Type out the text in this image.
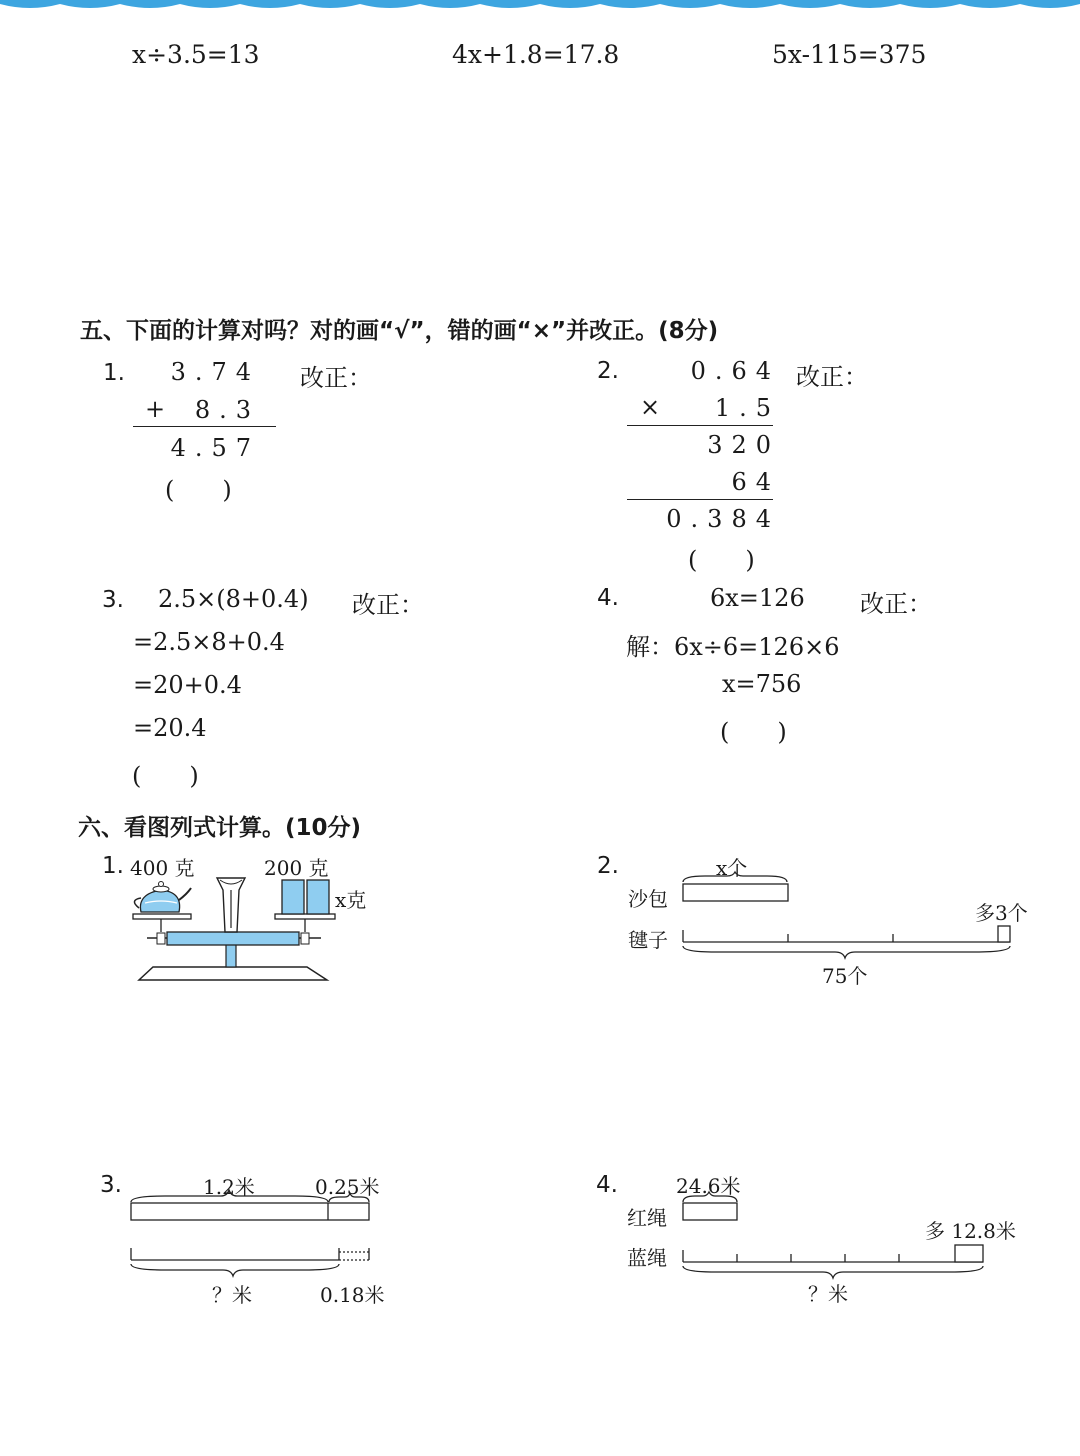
x÷3.5=13	4x+1.8=17.8	5x-115=375
五、下面的计算对吗？对的画“√”，错的画“×”并改正。(8分)
1.	3.74
+	8.3
4.57
(　　)
改正：	2.	0.64
×	1.5
320
64
0.384
(　　)
改正：
3. 2.5×(8+0.4) 改正：
=2.5×8+0.4
=20+0.4
=20.4
(　　)
4.	6x=126 改正：
解：6x÷6=126×6
x=756
(　　)
六、看图列式计算。(10分)
1. 400 克	200 克
x克
2.	x个
沙包
毽子
多3个
75个
3.	1.2米	0.25米
？米	0.18米
4.	24.6米
红绳
蓝绳
多 12.8米
？米
